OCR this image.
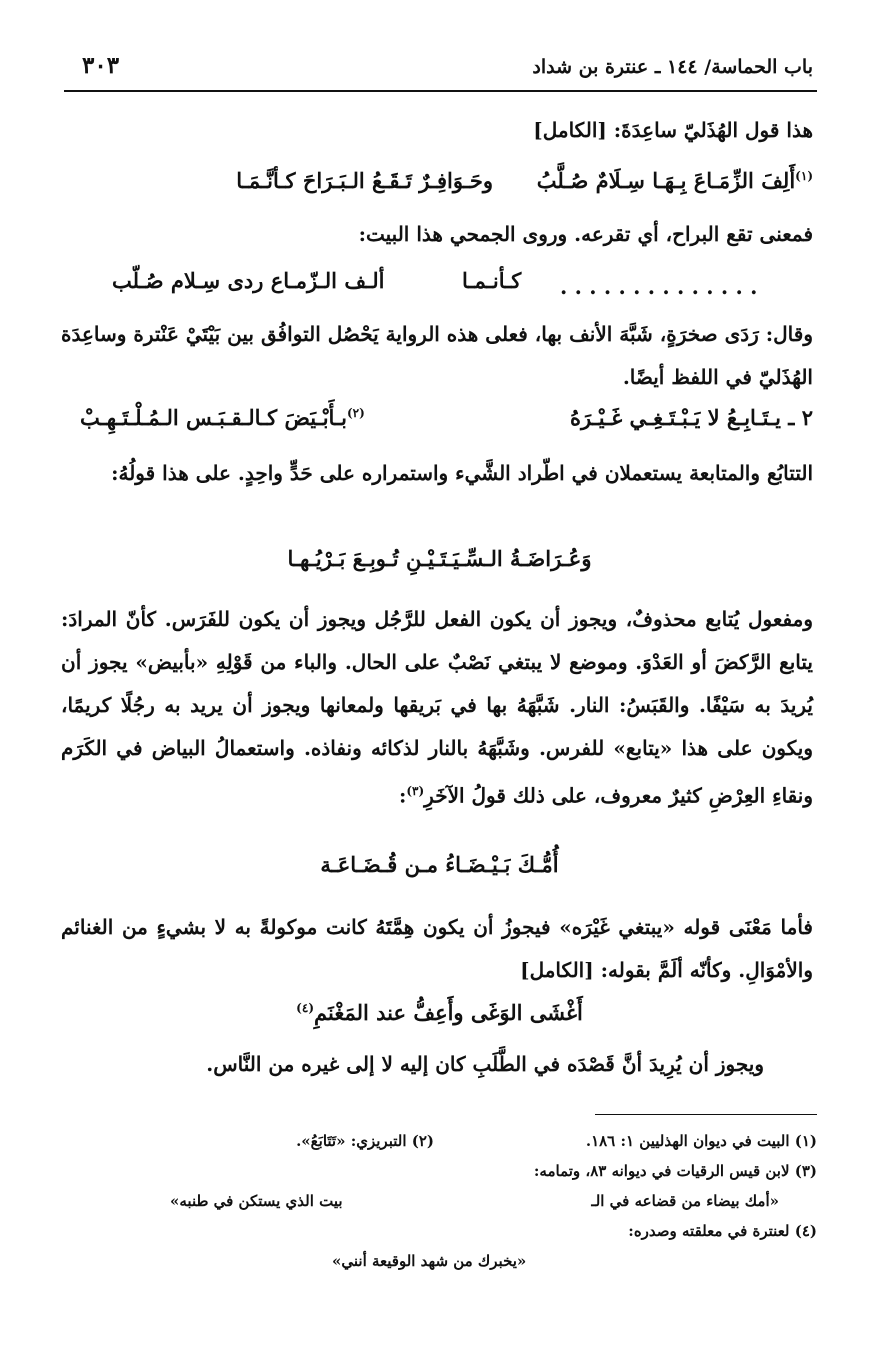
باب الحماسة/ ١٤٤ ـ عنترة بن شداد
٣٠٣
هذا قول الهُذَليّ ساعِدَةَ: [الكامل]
$^{(١)}$أَلِفَ الزِّمَـاعَ بِـهَـا سِـلَامٌ صُـلَّبُ
وحَـوَافِـرٌ تَـقَـعُ الـبَـرَاحَ كـأنَّـمَـا
فمعنى تقع البراح، أي تقرعه. وروى الجمحي هذا البيت:
ألـف الـزّمـاع ردى سِـلام صُـلّب	كـأنـمـا . . . . . . . . . . . . . .
وقال: رَدَى صخرَةٍ، شَبَّهَ الأنف بها، فعلى هذه الرواية يَحْصُل التوافُق بين بَيْتَيْ عَنْترة وساعِدَة الهُذَليّ في اللفظ أيضًا.
٢ ـ يـتَـابِـعُ لا يَـبْـتَـغِـي غَـيْـرَهُ
$^{(٢)}$بـأَبْـيَضَ كـالـقـبَـس الـمُـلْـتَـهِـبْ
التتابُع والمتابعة يستعملان في اطّراد الشَّيء واستمراره على حَدٍّ واحِدٍ. على هذا قولُهُ:
وَعُـرَاضَـةُ الـسِّـيَـتَـيْـنِ تُـوبِـعَ بَـرْيُـهـا
ومفعول يُتابع محذوفٌ، ويجوز أن يكون الفعل للرَّجُل ويجوز أن يكون للفَرَس. كأنّ المرادَ: يتابع الرَّكضَ أو العَدْوَ. وموضع لا يبتغي نَصْبٌ على الحال. والباء من قَوْلِهِ «بأبيض» يجوز أن يُريدَ به سَيْفًا. والقَبَسُ: النار. شَبَّهَهُ بها في بَريقها ولمعانها ويجوز أن يريد به رجُلًا كريمًا، ويكون على هذا «يتابع» للفرس. وشَبَّهَهُ بالنار لذكائه ونفاذه. واستعمالُ البياض في الكَرَم ونقاءِ العِرْضِ كثيرٌ معروف، على ذلك قولُ الآخَرِ$^{(٣)}$:
أُمُّـكَ بَـيْـضَـاءُ مـن قُـضَـاعَـة
فأما مَعْنَى قوله «يبتغي غَيْرَه» فيجوزُ أن يكون هِمَّتَهُ كانت موكولةً به لا بشيءٍ من الغنائم والأمْوَالِ. وكأنّه ألَمَّ بقوله: [الكامل]
أَغْشَى الوَغَى وأَعِفُّ عند المَغْنَمِ$^{(٤)}$
ويجوز أن يُرِيدَ أنَّ قَصْدَه في الطَّلَبِ كان إليه لا إلى غيره من النَّاس.
(١) البيت في ديوان الهذليين ١: ١٨٦.
(٢) التبريزي: «تَتَابَعُ».
(٣) لابن قيس الرقيات في ديوانه ٨٣، وتمامه:
«أمك بيضاء من قضاعه في الـ
بيت الذي يستكن في طنبه»
(٤) لعنترة في معلقته وصدره:
«يخبرك من شهد الوقيعة أنني»
